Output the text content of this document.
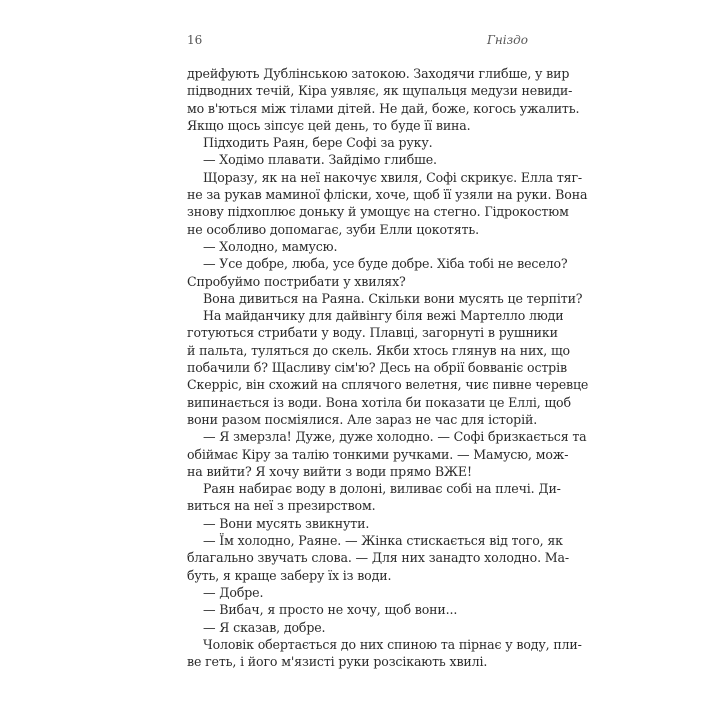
16	Гніздо
дрейфують Дублінською затокою. Заходячи глибше, у вир
підводних течій, Кіра уявляє, як щупальця медузи невиди-
мо в'ються між тілами дітей. Не дай, боже, когось ужалить.
Якщо щось зіпсує цей день, то буде її вина.
Підходить Раян, бере Софі за руку.
— Ходімо плавати. Зайдімо глибше.
Щоразу, як на неї накочує хвиля, Софі скрикує. Елла тяг-
не за рукав маминої фліски, хоче, щоб її узяли на руки. Вона
знову підхоплює доньку й умощує на стегно. Гідрокостюм
не особливо допомагає, зуби Елли цокотять.
— Холодно, мамусю.
— Усе добре, люба, усе буде добре. Хіба тобі не весело?
Спробуймо пострибати у хвилях?
Вона дивиться на Раяна. Скільки вони мусять це терпіти?
На майданчику для дайвінгу біля вежі Мартелло люди
готуються стрибати у воду. Плавці, загорнуті в рушники
й пальта, туляться до скель. Якби хтось глянув на них, що
побачили б? Щасливу сім'ю? Десь на обрії бовваніє острів
Скерріс, він схожий на сплячого велетня, чиє пивне черевце
випинається із води. Вона хотіла би показати це Еллі, щоб
вони разом посміялися. Але зараз не час для історій.
— Я змерзла! Дуже, дуже холодно. — Софі бризкається та
обіймає Кіру за талію тонкими ручками. — Мамусю, мож-
на вийти? Я хочу вийти з води прямо ВЖЕ!
Раян набирає воду в долоні, виливає собі на плечі. Ди-
виться на неї з презирством.
— Вони мусять звикнути.
— Їм холодно, Раяне. — Жінка стискається від того, як
благально звучать слова. — Для них занадто холодно. Ма-
буть, я краще заберу їх із води.
— Добре.
— Вибач, я просто не хочу, щоб вони...
— Я сказав, добре.
Чоловік обертається до них спиною та пірнає у воду, пли-
ве геть, і його м'язисті руки розсікають хвилі.
